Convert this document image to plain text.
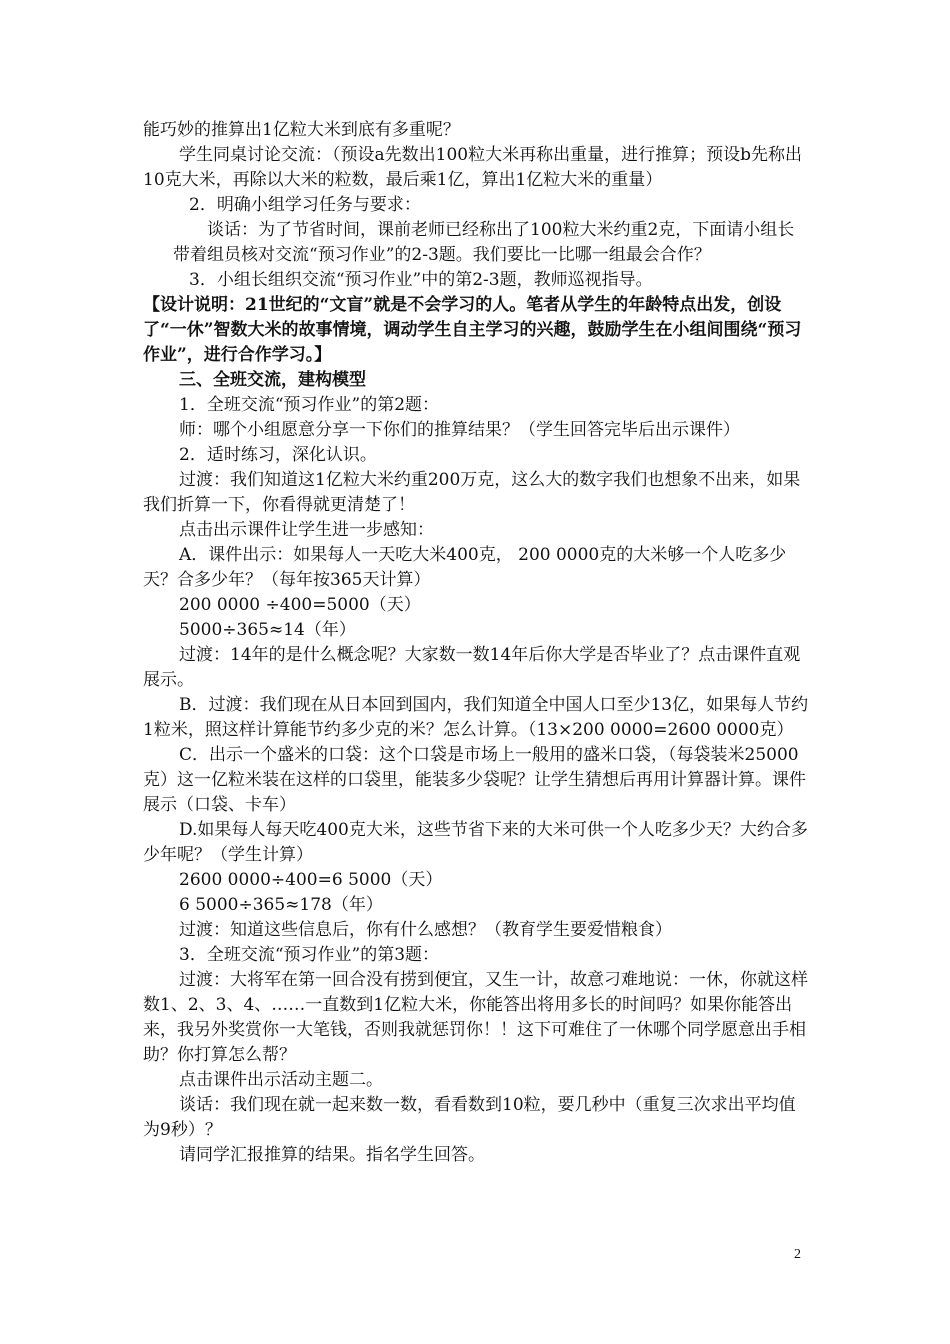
能巧妙的推算出1亿粒大米到底有多重呢？

学生同桌讨论交流：（预设a先数出100粒大米再称出重量，进行推算；预设b先称出10克大米，再除以大米的粒数，最后乘1亿，算出1亿粒大米的重量）

2．明确小组学习任务与要求：

谈话：为了节省时间，课前老师已经称出了100粒大米约重2克，下面请小组长带着组员核对交流“预习作业”的2-3题。我们要比一比哪一组最会合作？

3．小组长组织交流“预习作业”中的第2-3题，教师巡视指导。

【设计说明：21世纪的“文盲”就是不会学习的人。笔者从学生的年龄特点出发，创设了“一休”智数大米的故事情境，调动学生自主学习的兴趣，鼓励学生在小组间围绕“预习作业”，进行合作学习。】

三、全班交流，建构模型

1．全班交流“预习作业”的第2题：

师：哪个小组愿意分享一下你们的推算结果？（学生回答完毕后出示课件）

2．适时练习，深化认识。

过渡：我们知道这1亿粒大米约重200万克，这么大的数字我们也想象不出来，如果我们折算一下，你看得就更清楚了！

点击出示课件让学生进一步感知：

A．课件出示：如果每人一天吃大米400克， 200 0000克的大米够一个人吃多少天？合多少年？（每年按365天计算）

200 0000 ÷400=5000（天）

5000÷365≈14（年）

过渡：14年的是什么概念呢？大家数一数14年后你大学是否毕业了？点击课件直观展示。

B．过渡：我们现在从日本回到国内，我们知道全中国人口至少13亿，如果每人节约1粒米，照这样计算能节约多少克的米？怎么计算。（13×200 0000=2600 0000克）

C．出示一个盛米的口袋：这个口袋是市场上一般用的盛米口袋，（每袋装米25000克）这一亿粒米装在这样的口袋里，能装多少袋呢？让学生猜想后再用计算器计算。课件展示（口袋、卡车）

D.如果每人每天吃400克大米，这些节省下来的大米可供一个人吃多少天？大约合多少年呢？（学生计算）

2600 0000÷400=6 5000（天）

6 5000÷365≈178（年）

过渡：知道这些信息后，你有什么感想？（教育学生要爱惜粮食）

3．全班交流“预习作业”的第3题：

过渡：大将军在第一回合没有捞到便宜，又生一计，故意刁难地说：一休，你就这样数1、2、3、4、……一直数到1亿粒大米，你能答出将用多长的时间吗？如果你能答出来，我另外奖赏你一大笔钱，否则我就惩罚你！！这下可难住了一休哪个同学愿意出手相助？你打算怎么帮？

点击课件出示活动主题二。

谈话：我们现在就一起来数一数，看看数到10粒，要几秒中（重复三次求出平均值为9秒）？

请同学汇报推算的结果。指名学生回答。

2
